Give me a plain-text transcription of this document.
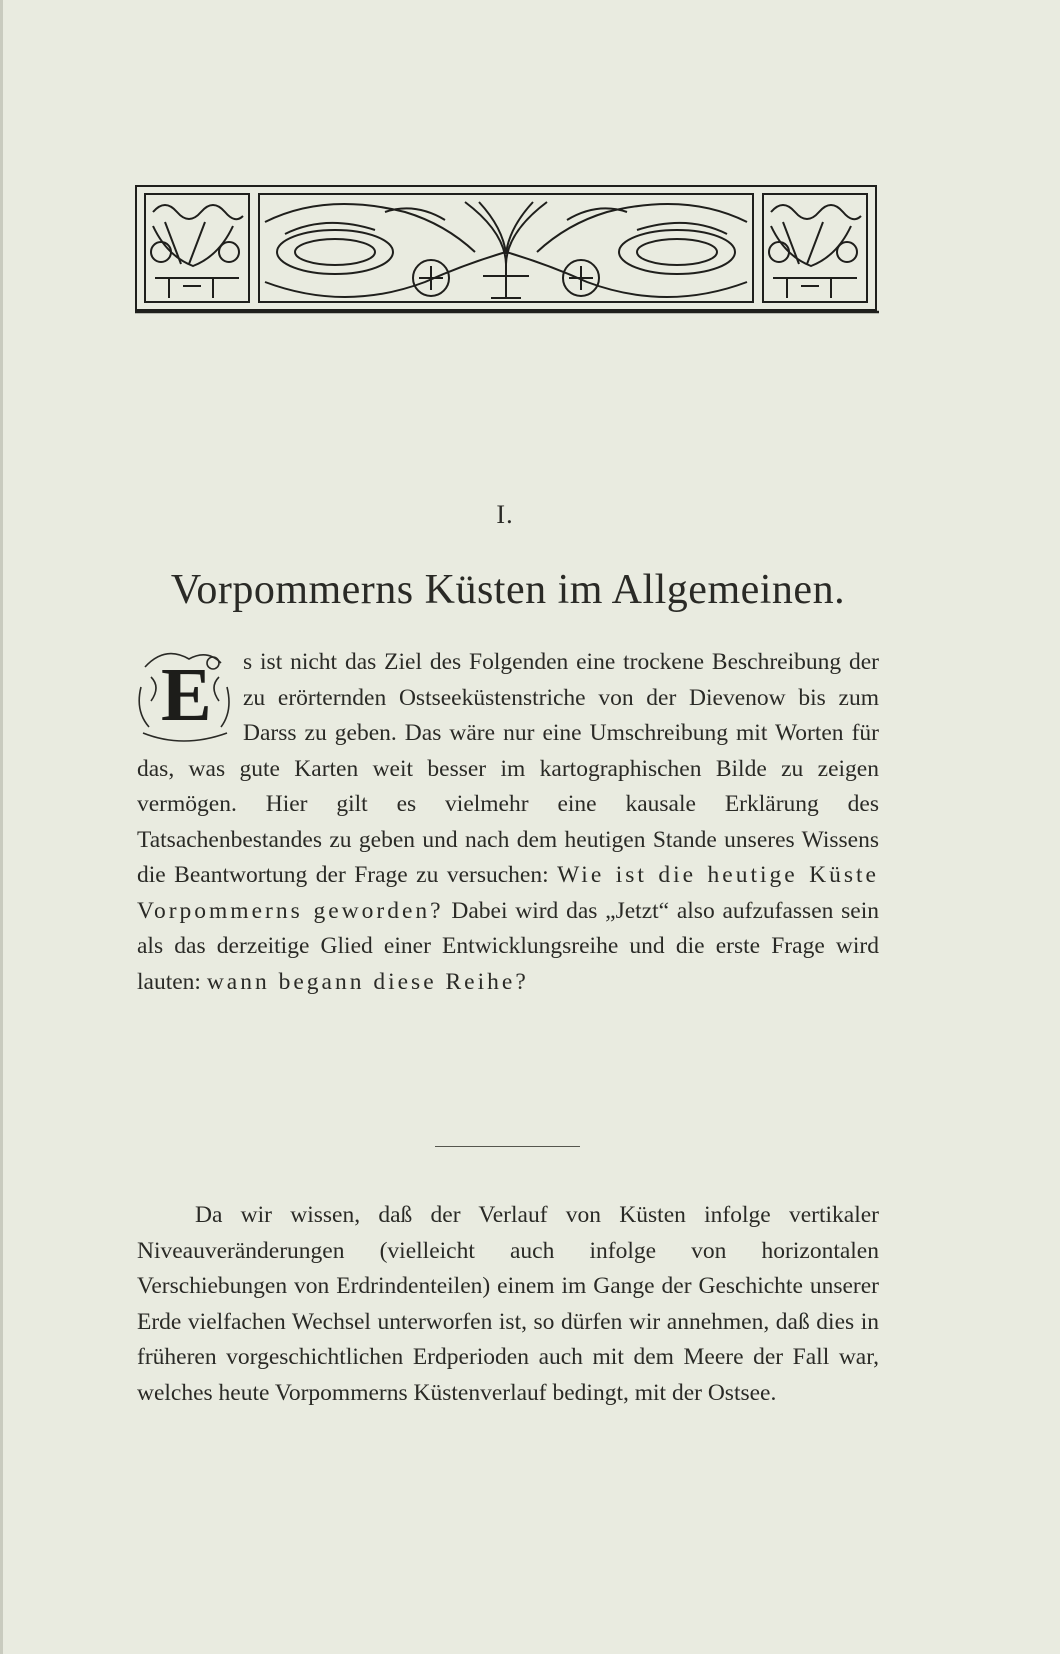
I.
Vorpommerns Küsten im Allgemeinen.

E s ist nicht das Ziel des Folgenden eine trockene Beschreibung der zu erörternden Ostseeküstenstriche von der Dievenow bis zum Darss zu geben. Das wäre nur eine Umschreibung mit Worten für das, was gute Karten weit besser im kartographischen Bilde zu zeigen vermögen. Hier gilt es vielmehr eine kausale Erklärung des Tatsachenbestandes zu geben und nach dem heutigen Stande unseres Wissens die Beantwortung der Frage zu versuchen: Wie ist die heutige Küste Vorpommerns geworden? Dabei wird das „Jetzt“ also aufzufassen sein als das derzeitige Glied einer Entwicklungsreihe und die erste Frage wird lauten: wann begann diese Reihe?

Da wir wissen, daß der Verlauf von Küsten infolge vertikaler Niveauveränderungen (vielleicht auch infolge von horizontalen Verschiebungen von Erdrindenteilen) einem im Gange der Geschichte unserer Erde vielfachen Wechsel unterworfen ist, so dürfen wir annehmen, daß dies in früheren vorgeschichtlichen Erdperioden auch mit dem Meere der Fall war, welches heute Vorpommerns Küstenverlauf bedingt, mit der Ostsee.
